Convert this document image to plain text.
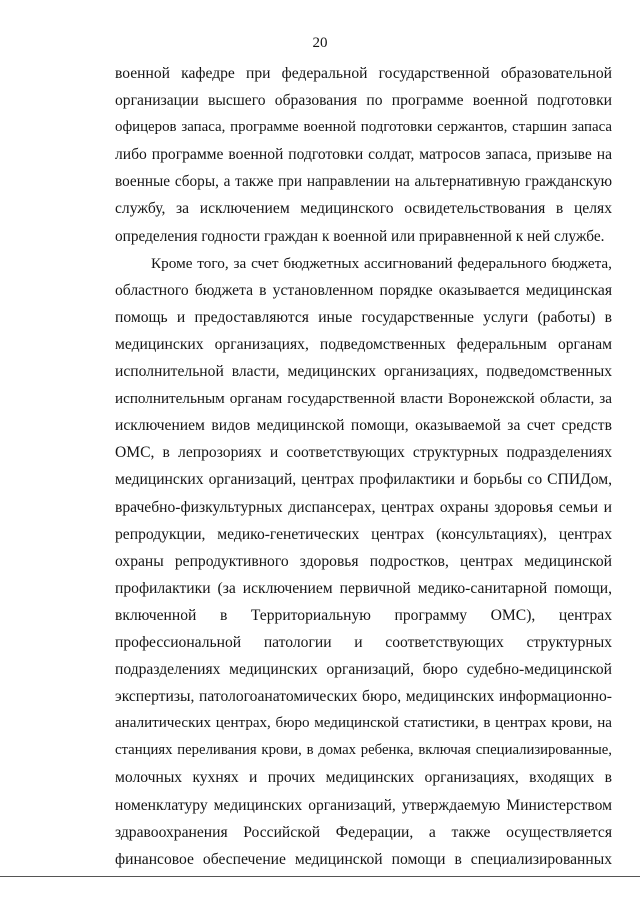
20
военной кафедре при федеральной государственной образовательной
организации высшего образования по программе военной подготовки
офицеров запаса, программе военной подготовки сержантов, старшин запаса
либо программе военной подготовки солдат, матросов запаса, призыве на
военные сборы, а также при направлении на альтернативную гражданскую
службу, за исключением медицинского освидетельствования в целях
определения годности граждан к военной или приравненной к ней службе.
Кроме того, за счет бюджетных ассигнований федерального бюджета,
областного бюджета в установленном порядке оказывается медицинская
помощь и предоставляются иные государственные услуги (работы) в
медицинских организациях, подведомственных федеральным органам
исполнительной власти, медицинских организациях, подведомственных
исполнительным органам государственной власти Воронежской области, за
исключением видов медицинской помощи, оказываемой за счет средств
ОМС, в лепрозориях и соответствующих структурных подразделениях
медицинских организаций, центрах профилактики и борьбы со СПИДом,
врачебно-физкультурных диспансерах, центрах охраны здоровья семьи и
репродукции, медико-генетических центрах (консультациях), центрах
охраны репродуктивного здоровья подростков, центрах медицинской
профилактики (за исключением первичной медико-санитарной помощи,
включенной в Территориальную программу ОМС), центрах
профессиональной патологии и соответствующих структурных
подразделениях медицинских организаций, бюро судебно-медицинской
экспертизы, патологоанатомических бюро, медицинских информационно-
аналитических центрах, бюро медицинской статистики, в центрах крови, на
станциях переливания крови, в домах ребенка, включая специализированные,
молочных кухнях и прочих медицинских организациях, входящих в
номенклатуру медицинских организаций, утверждаемую Министерством
здравоохранения Российской Федерации, а также осуществляется
финансовое обеспечение медицинской помощи в специализированных
